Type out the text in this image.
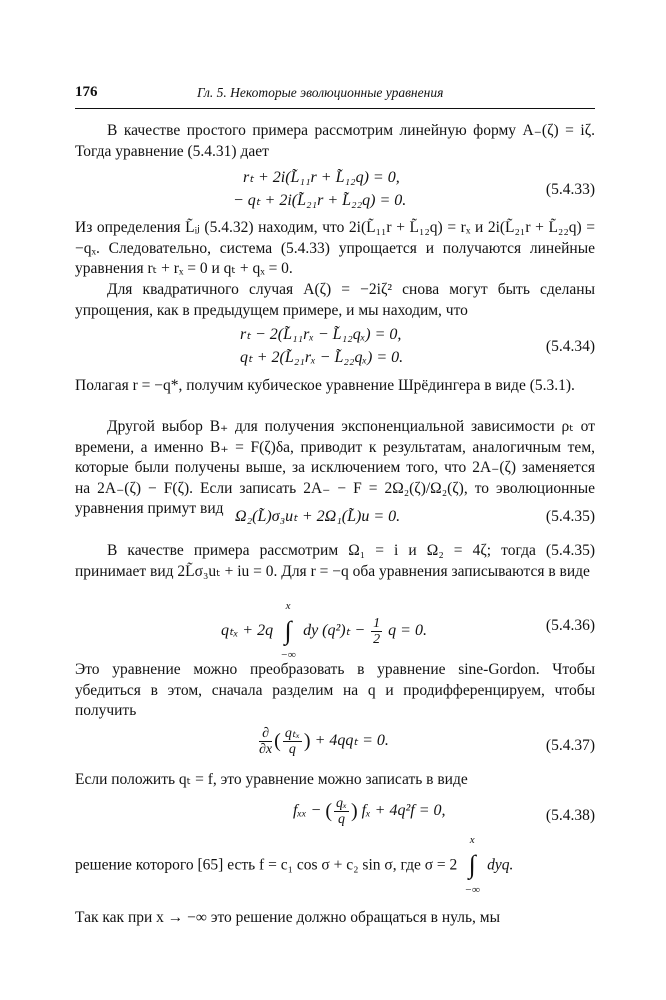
176	Гл. 5. Некоторые эволюционные уравнения
В качестве простого примера рассмотрим линейную форму A₋(ζ) = iζ. Тогда уравнение (5.4.31) дает
rₜ + 2i(L̃₁₁r + L̃₁₂q) = 0,
− qₜ + 2i(L̃₂₁r + L̃₂₂q) = 0.
(5.4.33)
Из определения L̃ᵢⱼ (5.4.32) находим, что 2i(L̃₁₁r + L̃₁₂q) = rₓ и 2i(L̃₂₁r + L̃₂₂q) = −qₓ. Следовательно, система (5.4.33) упрощается и получаются линейные уравнения rₜ + rₓ = 0 и qₜ + qₓ = 0.
Для квадратичного случая A(ζ) = −2iζ² снова могут быть сделаны упрощения, как в предыдущем примере, и мы находим, что
rₜ − 2(L̃₁₁rₓ − L̃₁₂qₓ) = 0,
qₜ + 2(L̃₂₁rₓ − L̃₂₂qₓ) = 0.
(5.4.34)
Полагая r = −q*, получим кубическое уравнение Шрёдингера в виде (5.3.1).
Другой выбор B₊ для получения экспоненциальной зависимости ρₜ от времени, а именно B₊ = F(ζ)δa, приводит к результатам, аналогичным тем, которые были получены выше, за исключением того, что 2A₋(ζ) заменяется на 2A₋(ζ) − F(ζ). Если записать 2A₋ − F = 2Ω₂(ζ)/Ω₂(ζ), то эволюционные уравнения примут вид Ω₂(L̃)σ₃uₜ + 2Ω₁(L̃)u = 0.	(5.4.35)
В качестве примера рассмотрим Ω₁ = i и Ω₂ = 4ζ; тогда (5.4.35) принимает вид 2L̃σ₃uₜ + iu = 0. Для r = −q оба уравнения записываются в виде
qₜₓ + 2q
x
∫
−∞
dy $(q^2)_t - \frac{1}{2}$ q = 0.	(5.4.36)
Это уравнение можно преобразовать в уравнение sine-Gordon. Чтобы убедиться в этом, сначала разделим на q и продифференцируем, чтобы получить
$\frac{\partial}{\partial x}$ ( $\frac{\text{qₜₓ}}{q}$ ) + 4qqₜ = 0.	(5.4.37)
Если положить qₜ = f, это уравнение можно записать в виде
fₓₓ − ( $\frac{\text{qₓ}}{q}$ ) fₓ + 4q²f = 0,	(5.4.38)
решение которого [65] есть f = c₁ cos σ + c₂ sin σ, где σ = 2
x
∫
−∞
dyq.
Так как при x → −∞ это решение должно обращаться в нуль, мы
